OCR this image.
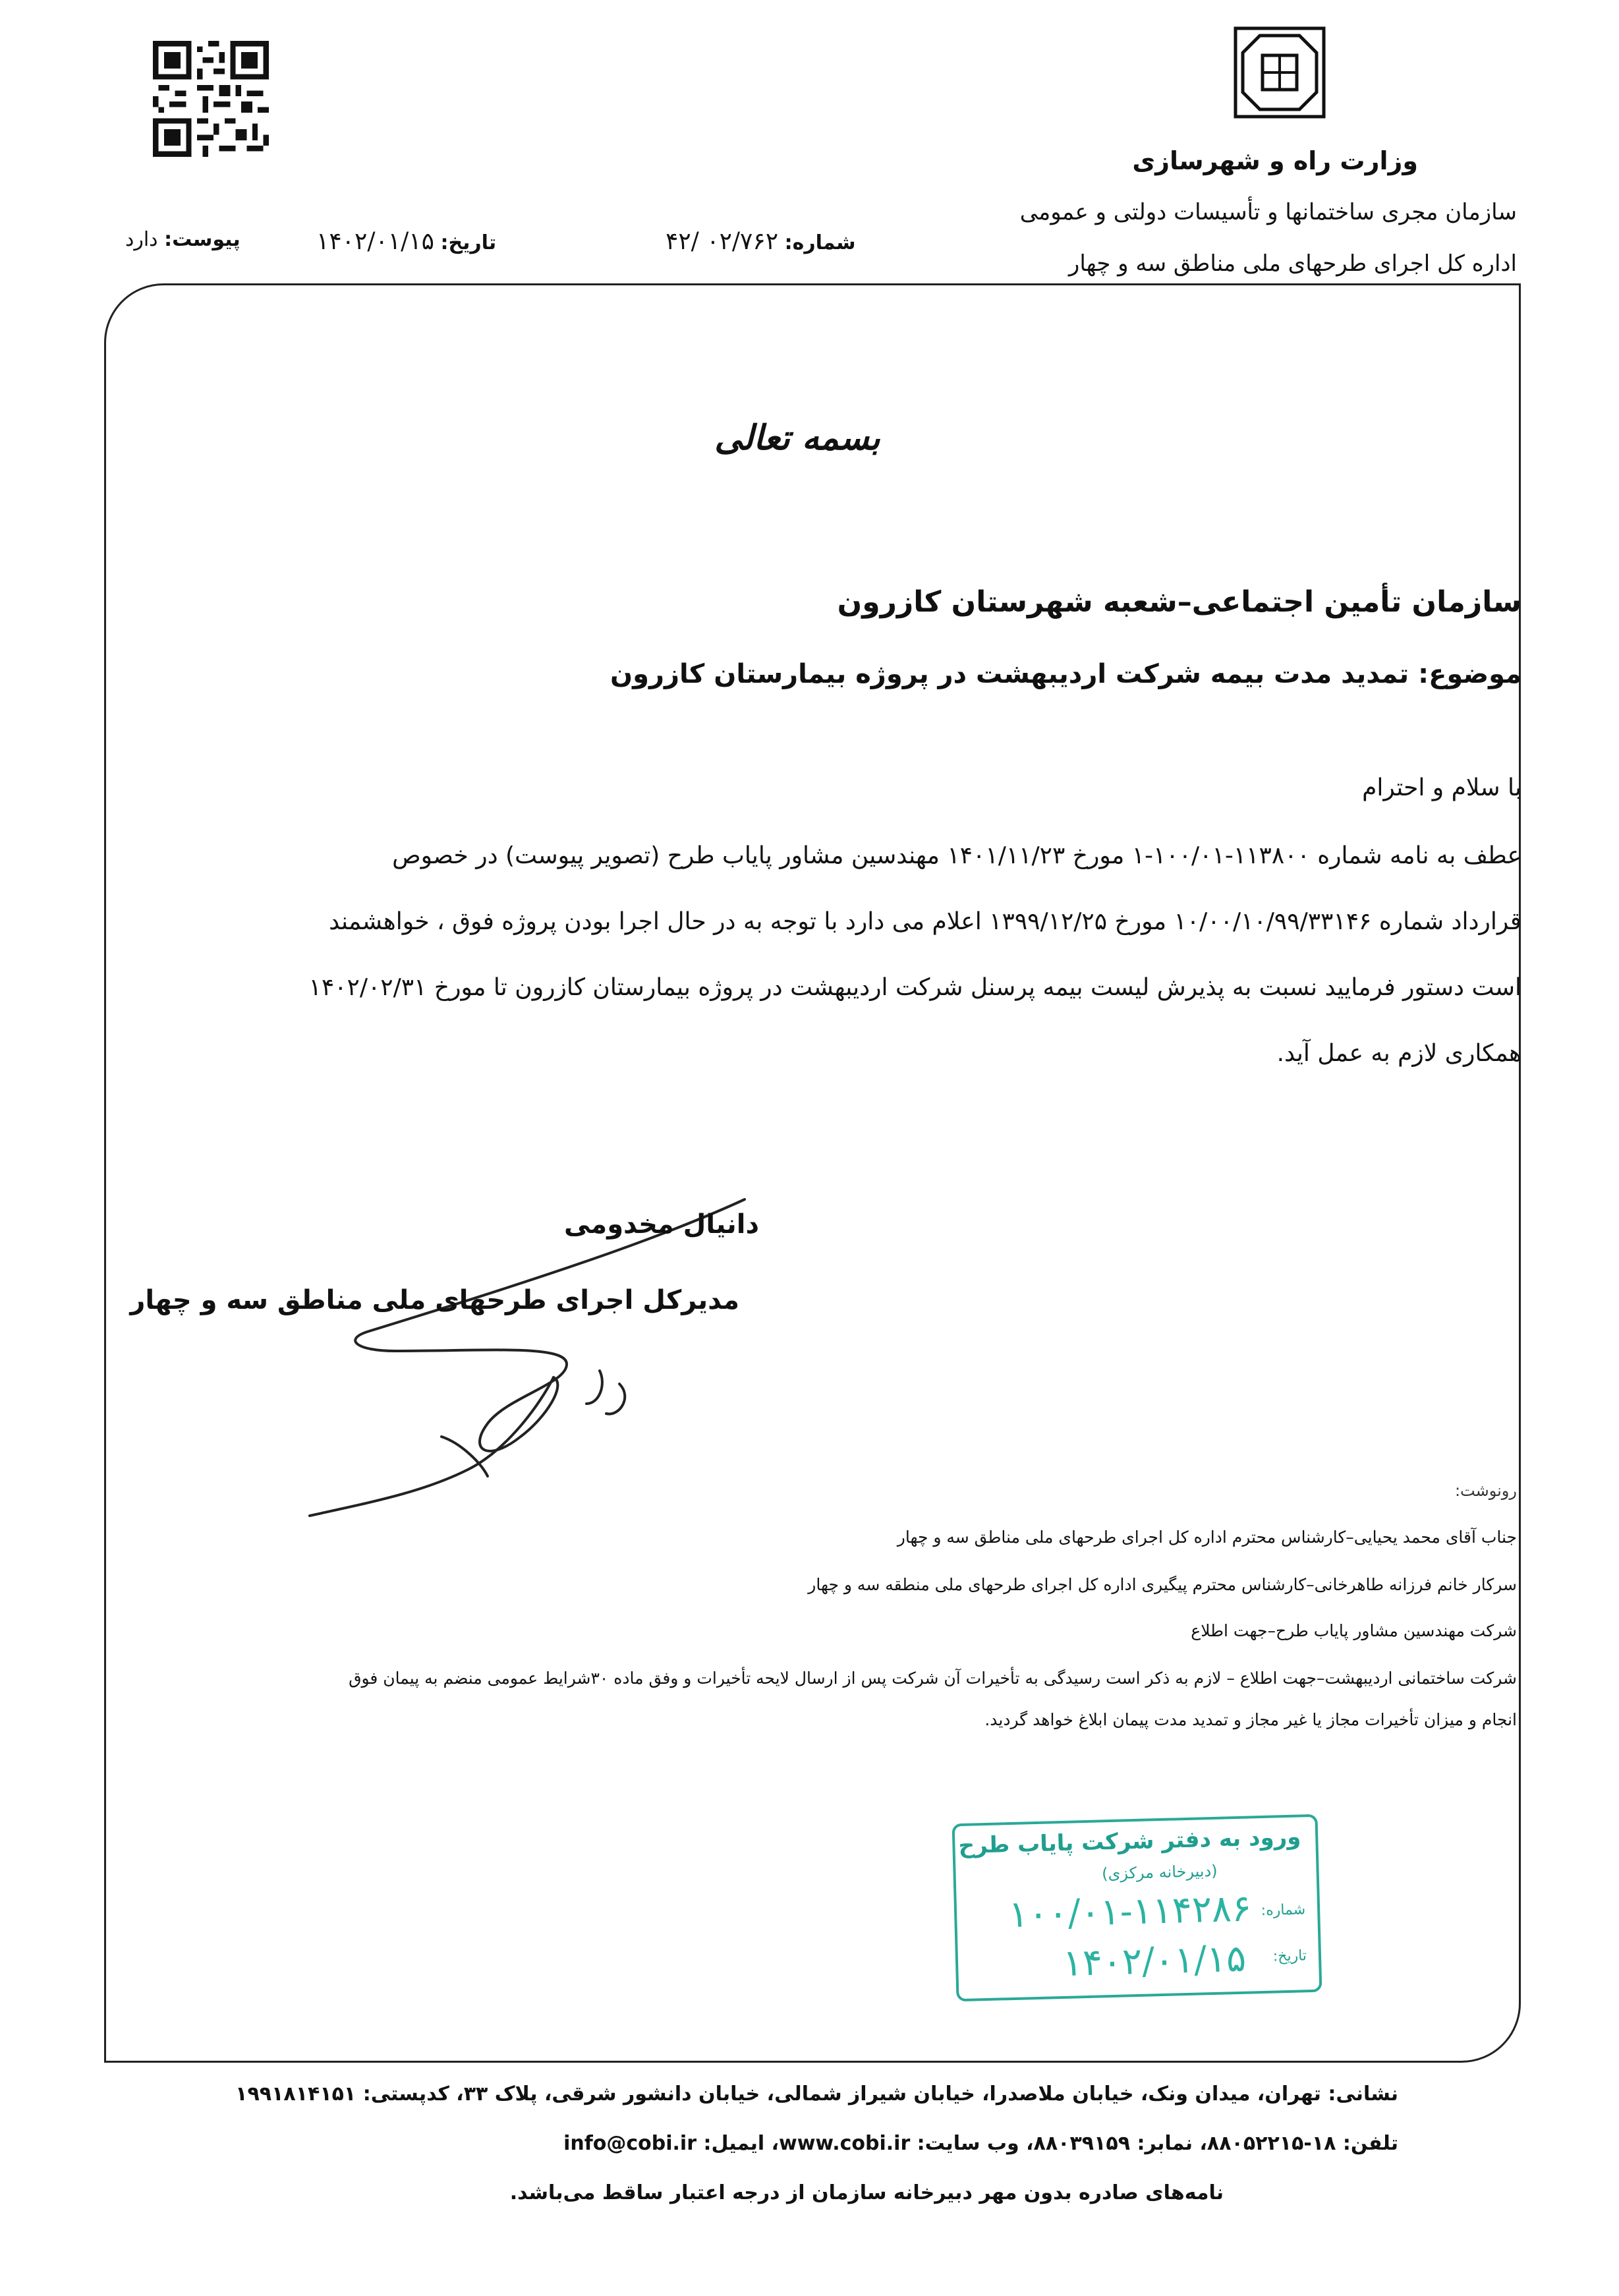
وزارت راه و شهرسازی
سازمان مجری ساختمانها و تأسیسات دولتی و عمومی
اداره کل اجرای طرحهای ملی مناطق سه و چهار
شماره: ۰۲/۷۶۲ /۴۲
تاریخ: ۱۴۰۲/۰۱/۱۵
پیوست: دارد
بسمه تعالی
سازمان تأمین اجتماعی–شعبه شهرستان کازرون
موضوع: تمدید مدت بیمه شرکت اردیبهشت در پروژه بیمارستان کازرون
با سلام و احترام
عطف به نامه شماره ۱۱۳۸۰۰-۱۰۰/۰۱-۱ مورخ ۱۴۰۱/۱۱/۲۳ مهندسین مشاور پایاب طرح (تصویر پیوست) در خصوص
قرارداد شماره ۱۰/۰۰/۱۰/۹۹/۳۳۱۴۶ مورخ ۱۳۹۹/۱۲/۲۵ اعلام می دارد با توجه به در حال اجرا بودن پروژه فوق ، خواهشمند
است دستور فرمایید نسبت به پذیرش لیست بیمه پرسنل شرکت اردیبهشت در پروژه بیمارستان کازرون تا مورخ ۱۴۰۲/۰۲/۳۱
همکاری لازم به عمل آید.
دانیال مخدومی
مدیرکل اجرای طرحهای ملی مناطق سه و چهار
رونوشت:
جناب آقای محمد یحیایی–کارشناس محترم اداره کل اجرای طرحهای ملی مناطق سه و چهار
سرکار خانم فرزانه طاهرخانی–کارشناس محترم پیگیری اداره کل اجرای طرحهای ملی منطقه سه و چهار
شرکت مهندسین مشاور پایاب طرح–جهت اطلاع
شرکت ساختمانی اردیبهشت–جهت اطلاع – لازم به ذکر است رسیدگی به تأخیرات آن شرکت پس از ارسال لایحه تأخیرات و وفق ماده ۳۰شرایط عمومی منضم به پیمان فوق
انجام و میزان تأخیرات مجاز یا غیر مجاز و تمدید مدت پیمان ابلاغ خواهد گردید.
ورود به دفتر شرکت پایاب طرح
(دبیرخانه مرکزی)
شماره:
۱۰۰/۰۱-۱۱۴۲۸۶
تاریخ:
۱۴۰۲/۰۱/۱۵
نشانی: تهران، میدان ونک، خیابان ملاصدرا، خیابان شیراز شمالی، خیابان دانشور شرقی، پلاک ۳۳، کدپستی: ۱۹۹۱۸۱۴۱۵۱
تلفن: ۱۸-۸۸۰۵۲۲۱۵، نمابر: ۸۸۰۳۹۱۵۹، وب سایت: www.cobi.ir، ایمیل: info@cobi.ir
نامه‌های صادره بدون مهر دبیرخانه سازمان از درجه اعتبار ساقط می‌باشد.
